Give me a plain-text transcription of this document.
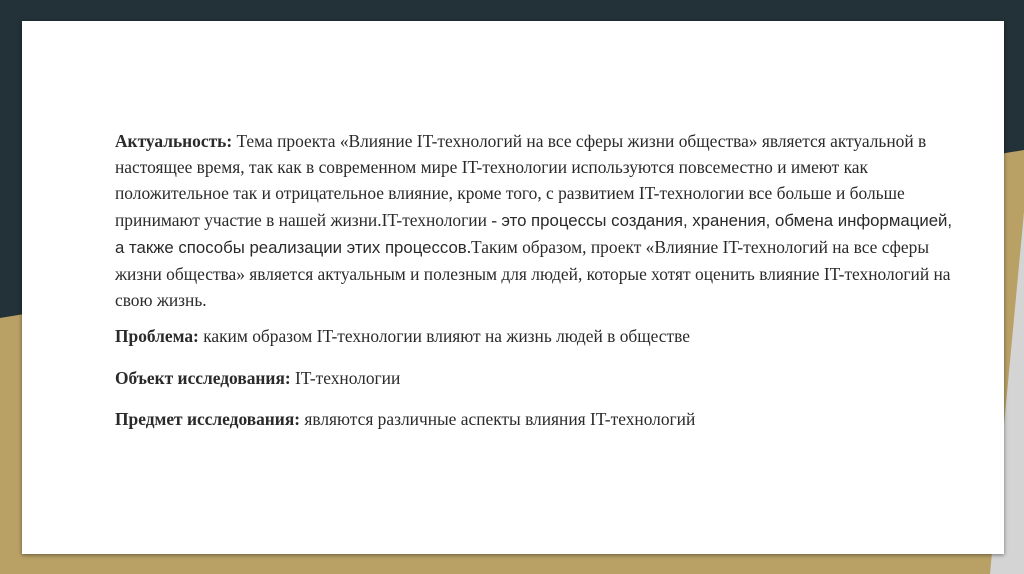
Актуальность: Тема проекта «Влияние IT-технологий на все сферы жизни общества» является актуальной в настоящее время, так как в современном мире IT-технологии используются повсеместно и имеют как положительное так и отрицательное влияние, кроме того, с развитием IT-технологии все больше и больше принимают участие в нашей жизни.IT-технологии - это процессы создания, хранения, обмена информацией, а также способы реализации этих процессов.Таким образом, проект «Влияние IT-технологий на все сферы жизни общества» является актуальным и полезным для людей, которые хотят оценить влияние IT-технологий на свою жизнь.

Проблема: каким образом IT-технологии влияют на жизнь людей в обществе

Объект исследования: IT-технологии

Предмет исследования: являются различные аспекты влияния IT-технологий
